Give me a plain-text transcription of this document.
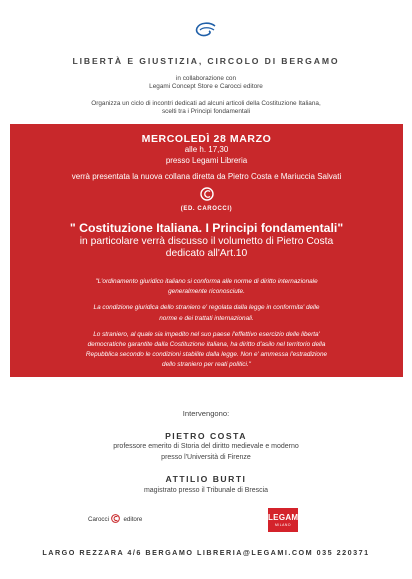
LIBERTÀ E GIUSTIZIA, CIRCOLO DI BERGAMO
in collaborazione con
Legami Concept Store e Carocci editore
Organizza un ciclo di incontri dedicati ad alcuni articoli della Costituzione Italiana,
scelti tra i Principi fondamentali
MERCOLEDÌ 28 MARZO
alle h. 17,30
presso Legami Libreria
verrà presentata la nuova collana diretta da Pietro Costa e Mariuccia Salvati
(ED. CAROCCI)
" Costituzione Italiana. I Principi fondamentali"
in particolare verrà discusso il volumetto di Pietro Costa
dedicato all'Art.10

"L'ordinamento giuridico italiano si conforma alle norme di diritto internazionale
generalmente riconosciute.

La condizione giuridica dello straniero e' regolata dalla legge in conformita' delle
norme e dei trattati internazionali.

Lo straniero, al quale sia impedito nel suo paese l'effettivo esercizio delle liberta'
democratiche garantite dalla Costituzione italiana, ha diritto d'asilo nel territorio della
Repubblica secondo le condizioni stabilite dalla legge. Non e' ammessa l'estradizione
dello straniero per reati politici."

Intervengono:
PIETRO COSTA
professore emerito di Storia del diritto medievale e moderno
presso l'Università di Firenze
ATTILIO BURTI
magistrato presso il Tribunale di Brescia
Carocci editore	LEGAMI
MILANO
LARGO REZZARA 4/6 BERGAMO LIBRERIA@LEGAMI.COM 035 220371
